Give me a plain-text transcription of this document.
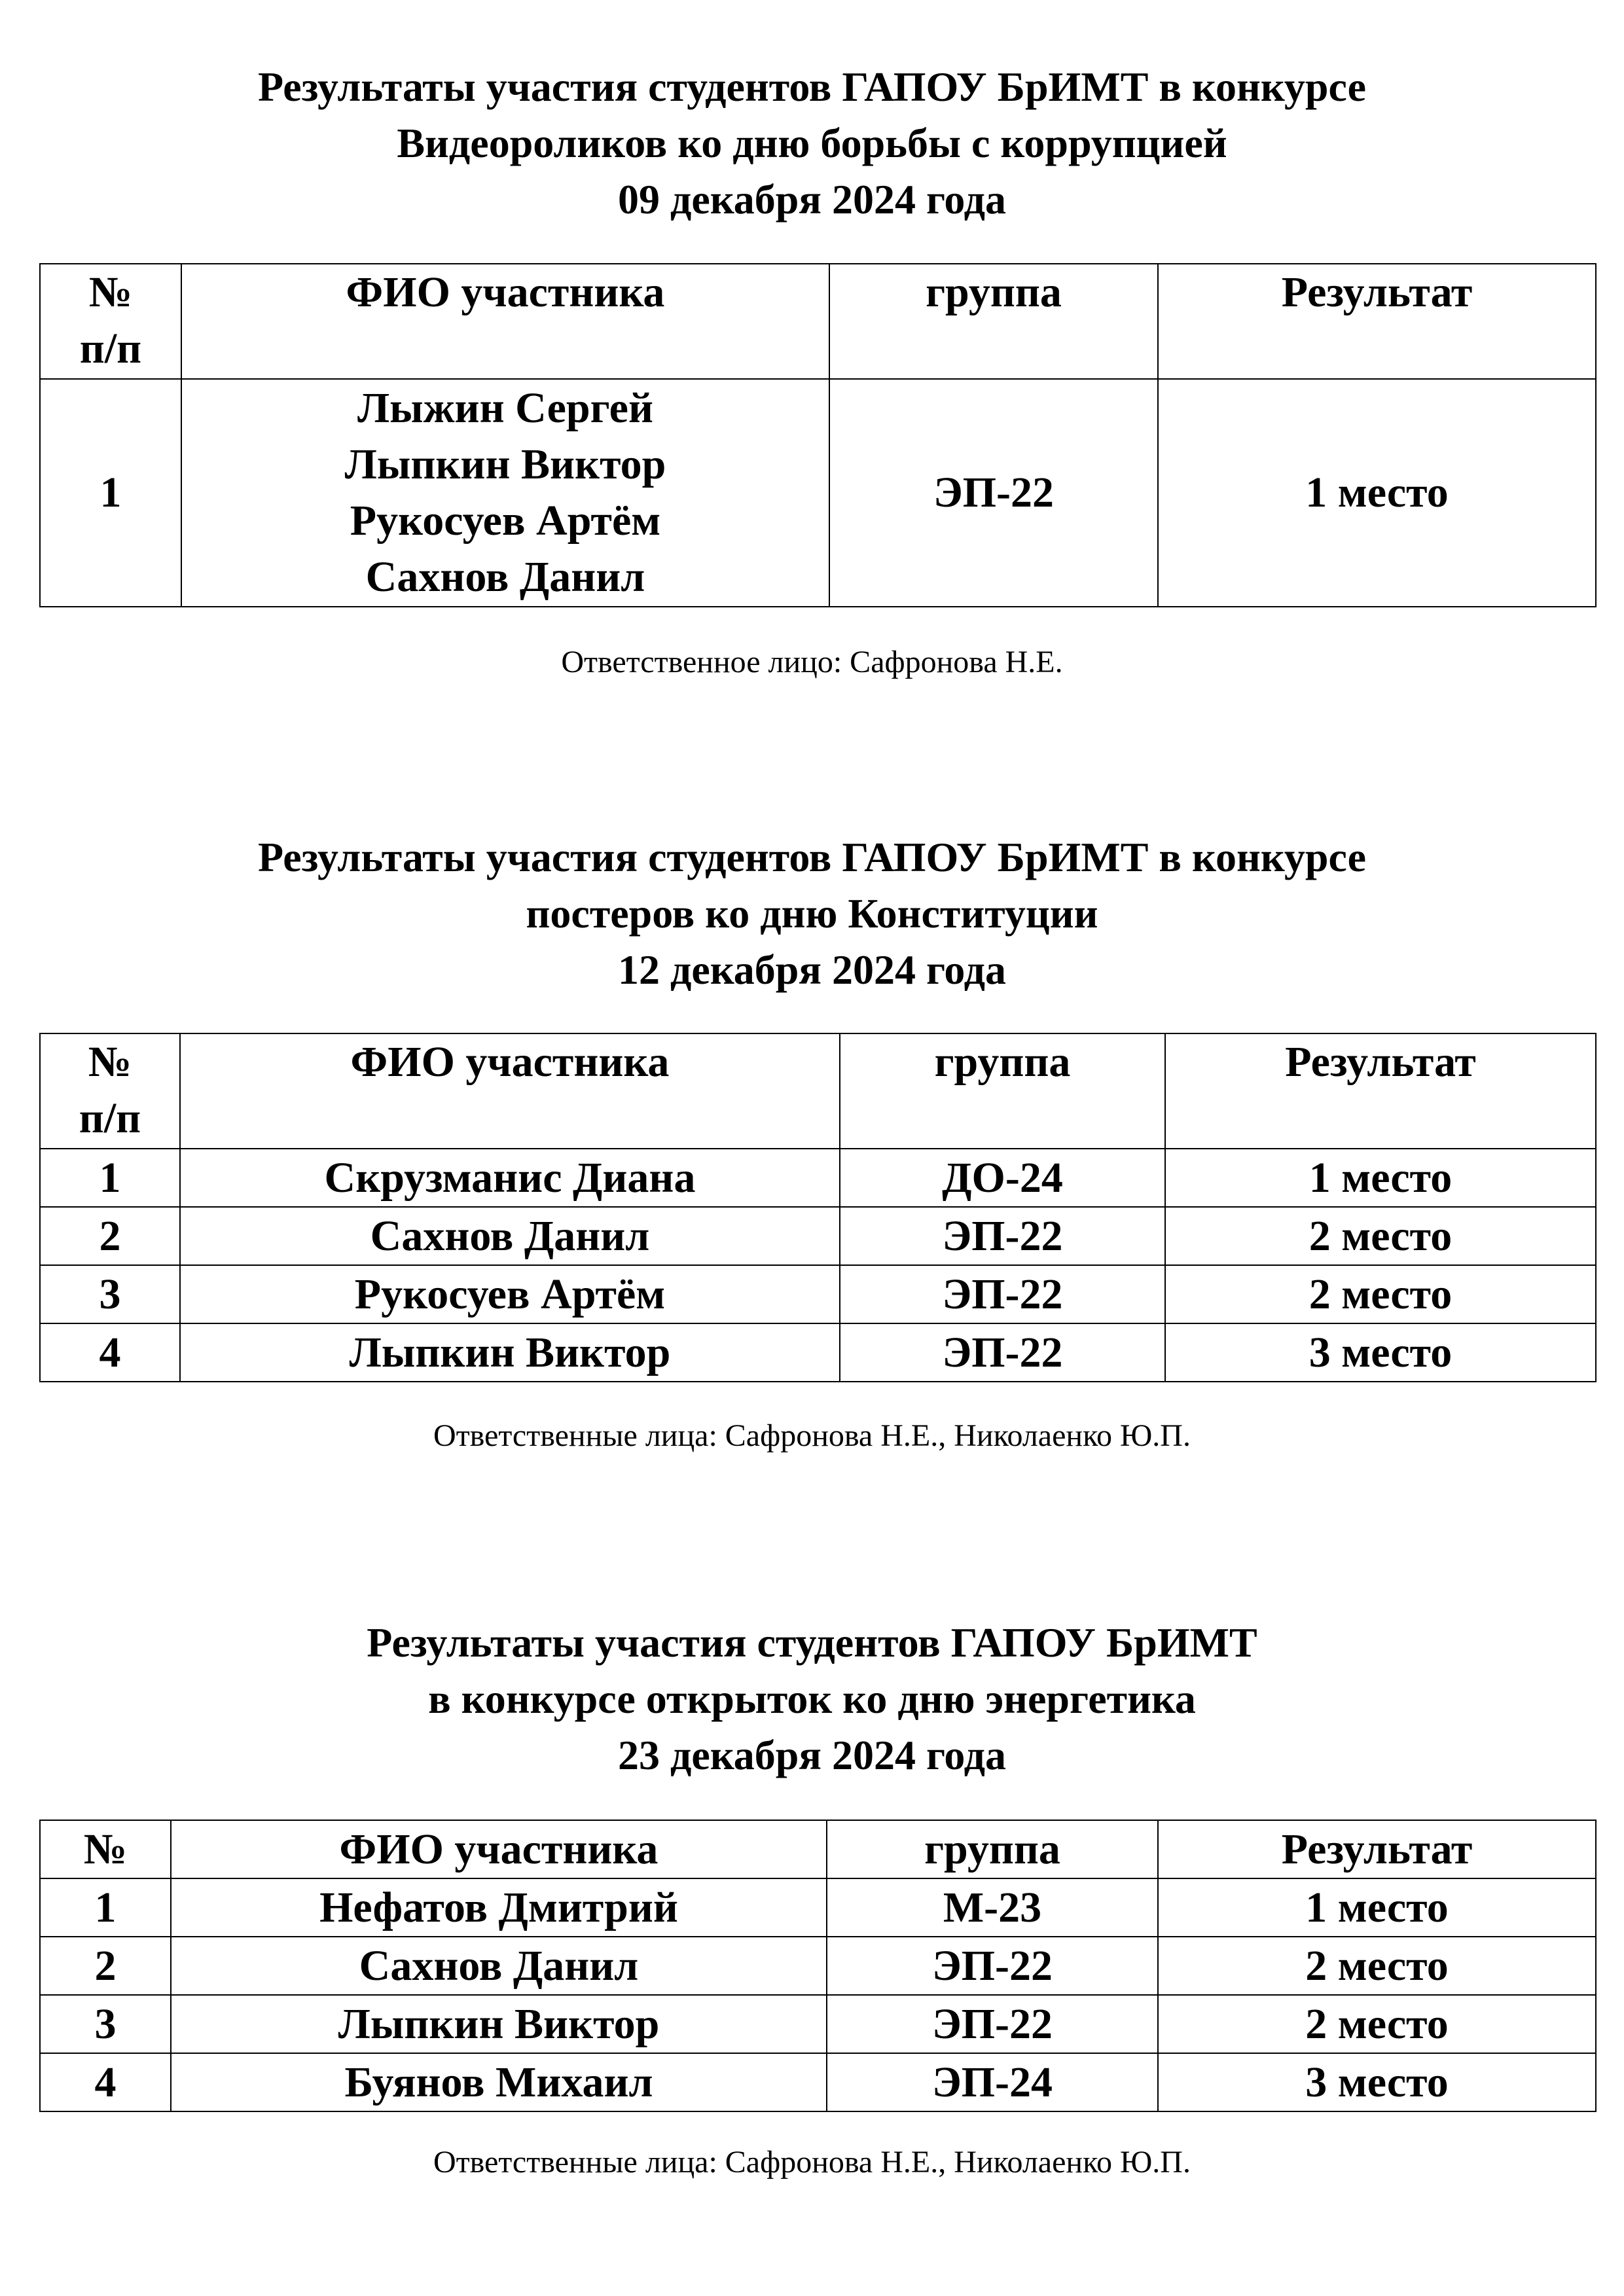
Результаты участия студентов ГАПОУ БрИМТ в конкурсе
Видеороликов ко дню борьбы с коррупцией
09 декабря 2024 года
№
п/п	ФИО участника	группа	Результат

1	Лыжин Сергей
Лыпкин Виктор
Рукосуев Артём
Сахнов Данил	ЭП-22	1 место
Ответственное лицо: Сафронова Н.Е.
Результаты участия студентов ГАПОУ БрИМТ в конкурсе
постеров ко дню Конституции
12 декабря 2024 года
№
п/п	ФИО участника	группа	Результат

1	Скрузманис Диана	ДО-24	1 место
2	Сахнов Данил	ЭП-22	2 место
3	Рукосуев Артём	ЭП-22	2 место
4	Лыпкин Виктор	ЭП-22	3 место
Ответственные лица: Сафронова Н.Е., Николаенко Ю.П.
Результаты участия студентов ГАПОУ БрИМТ
в конкурсе открыток ко дню энергетика
23 декабря 2024 года
№	ФИО участника	группа	Результат
1	Нефатов Дмитрий	М-23	1 место
2	Сахнов Данил	ЭП-22	2 место
3	Лыпкин Виктор	ЭП-22	2 место
4	Буянов Михаил	ЭП-24	3 место
Ответственные лица: Сафронова Н.Е., Николаенко Ю.П.
